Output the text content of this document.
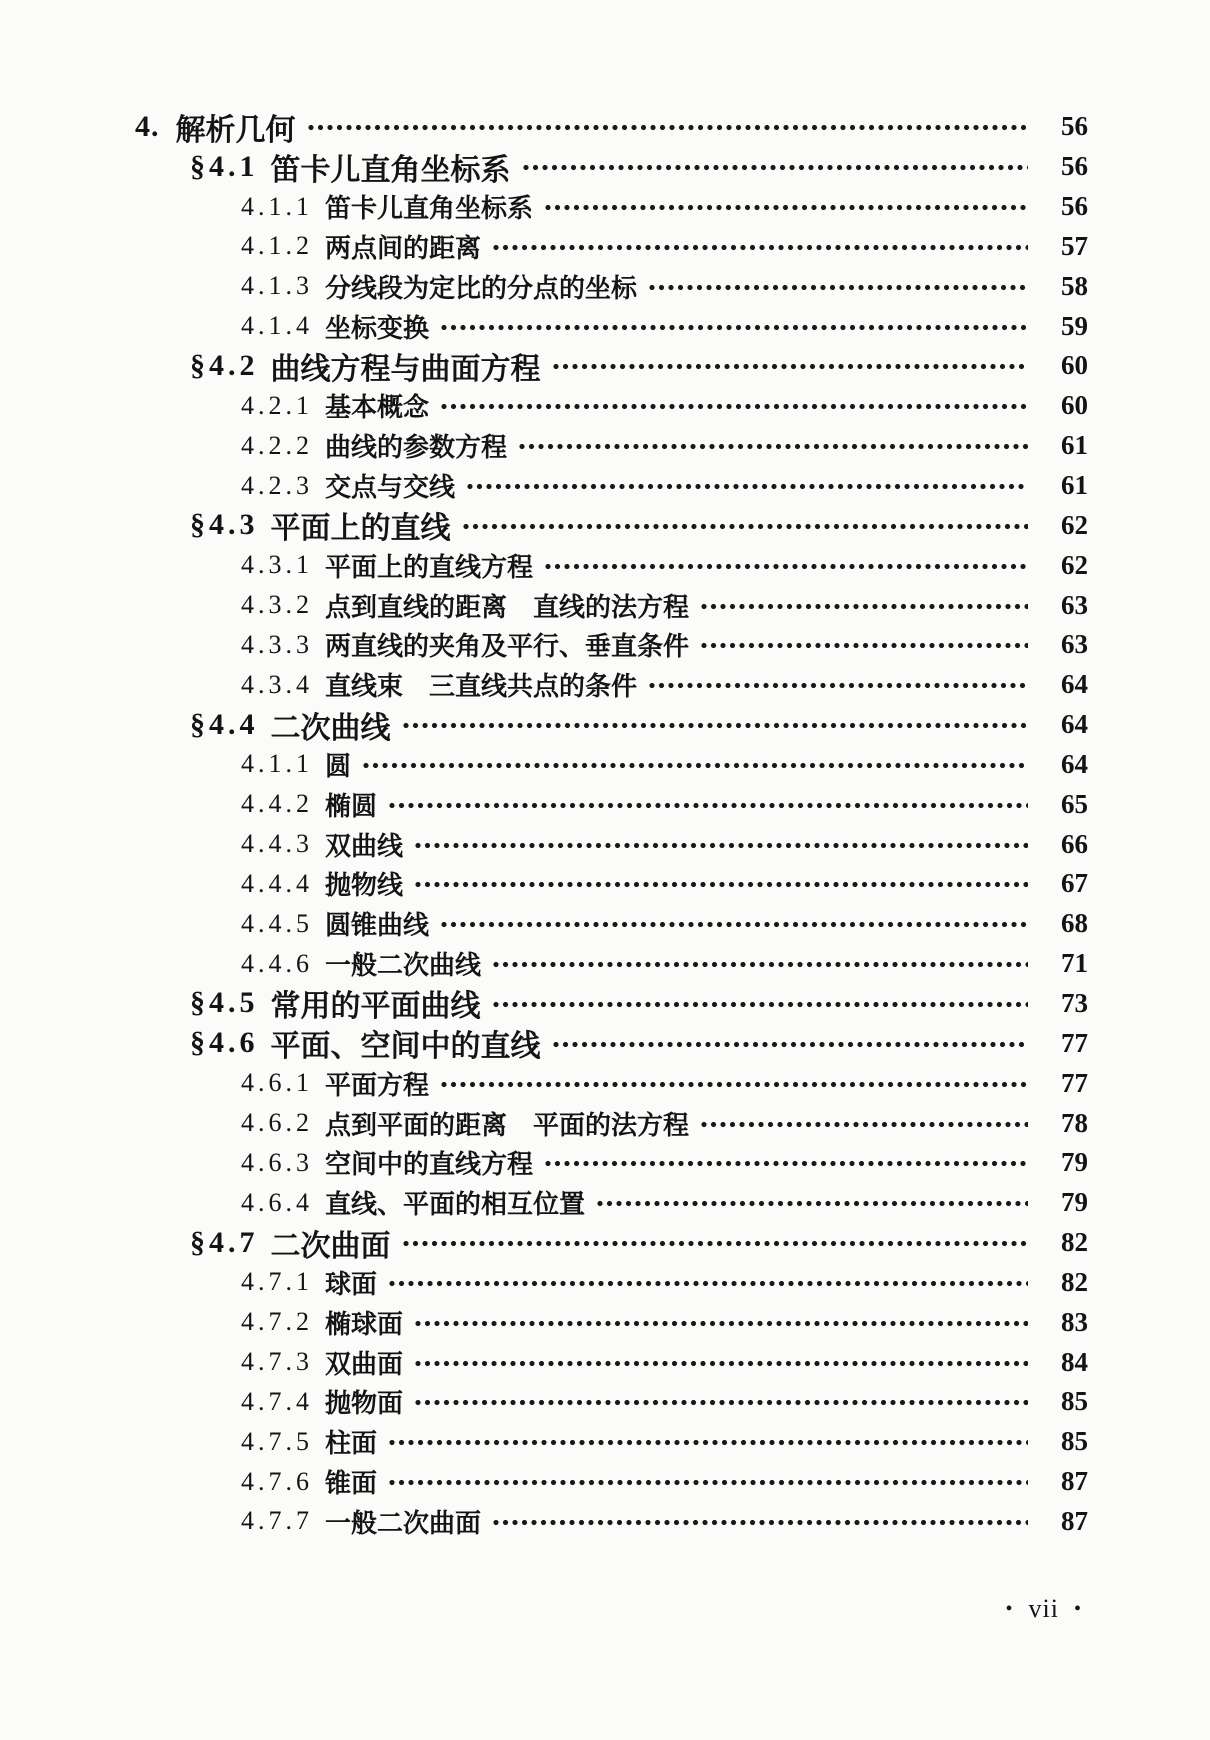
4. 解析几何	56
§4.1 笛卡儿直角坐标系	56
4.1.1 笛卡儿直角坐标系	56
4.1.2 两点间的距离	57
4.1.3 分线段为定比的分点的坐标	58
4.1.4 坐标变换	59
§4.2 曲线方程与曲面方程	60
4.2.1 基本概念	60
4.2.2 曲线的参数方程	61
4.2.3 交点与交线	61
§4.3 平面上的直线	62
4.3.1 平面上的直线方程	62
4.3.2 点到直线的距离　直线的法方程	63
4.3.3 两直线的夹角及平行、垂直条件	63
4.3.4 直线束　三直线共点的条件	64
§4.4 二次曲线	64
4.1.1 圆	64
4.4.2 椭圆	65
4.4.3 双曲线	66
4.4.4 抛物线	67
4.4.5 圆锥曲线	68
4.4.6 一般二次曲线	71
§4.5 常用的平面曲线	73
§4.6 平面、空间中的直线	77
4.6.1 平面方程	77
4.6.2 点到平面的距离　平面的法方程	78
4.6.3 空间中的直线方程	79
4.6.4 直线、平面的相互位置	79
§4.7 二次曲面	82
4.7.1 球面	82
4.7.2 椭球面	83
4.7.3 双曲面	84
4.7.4 抛物面	85
4.7.5 柱面	85
4.7.6 锥面	87
4.7.7 一般二次曲面	87
• vii •
